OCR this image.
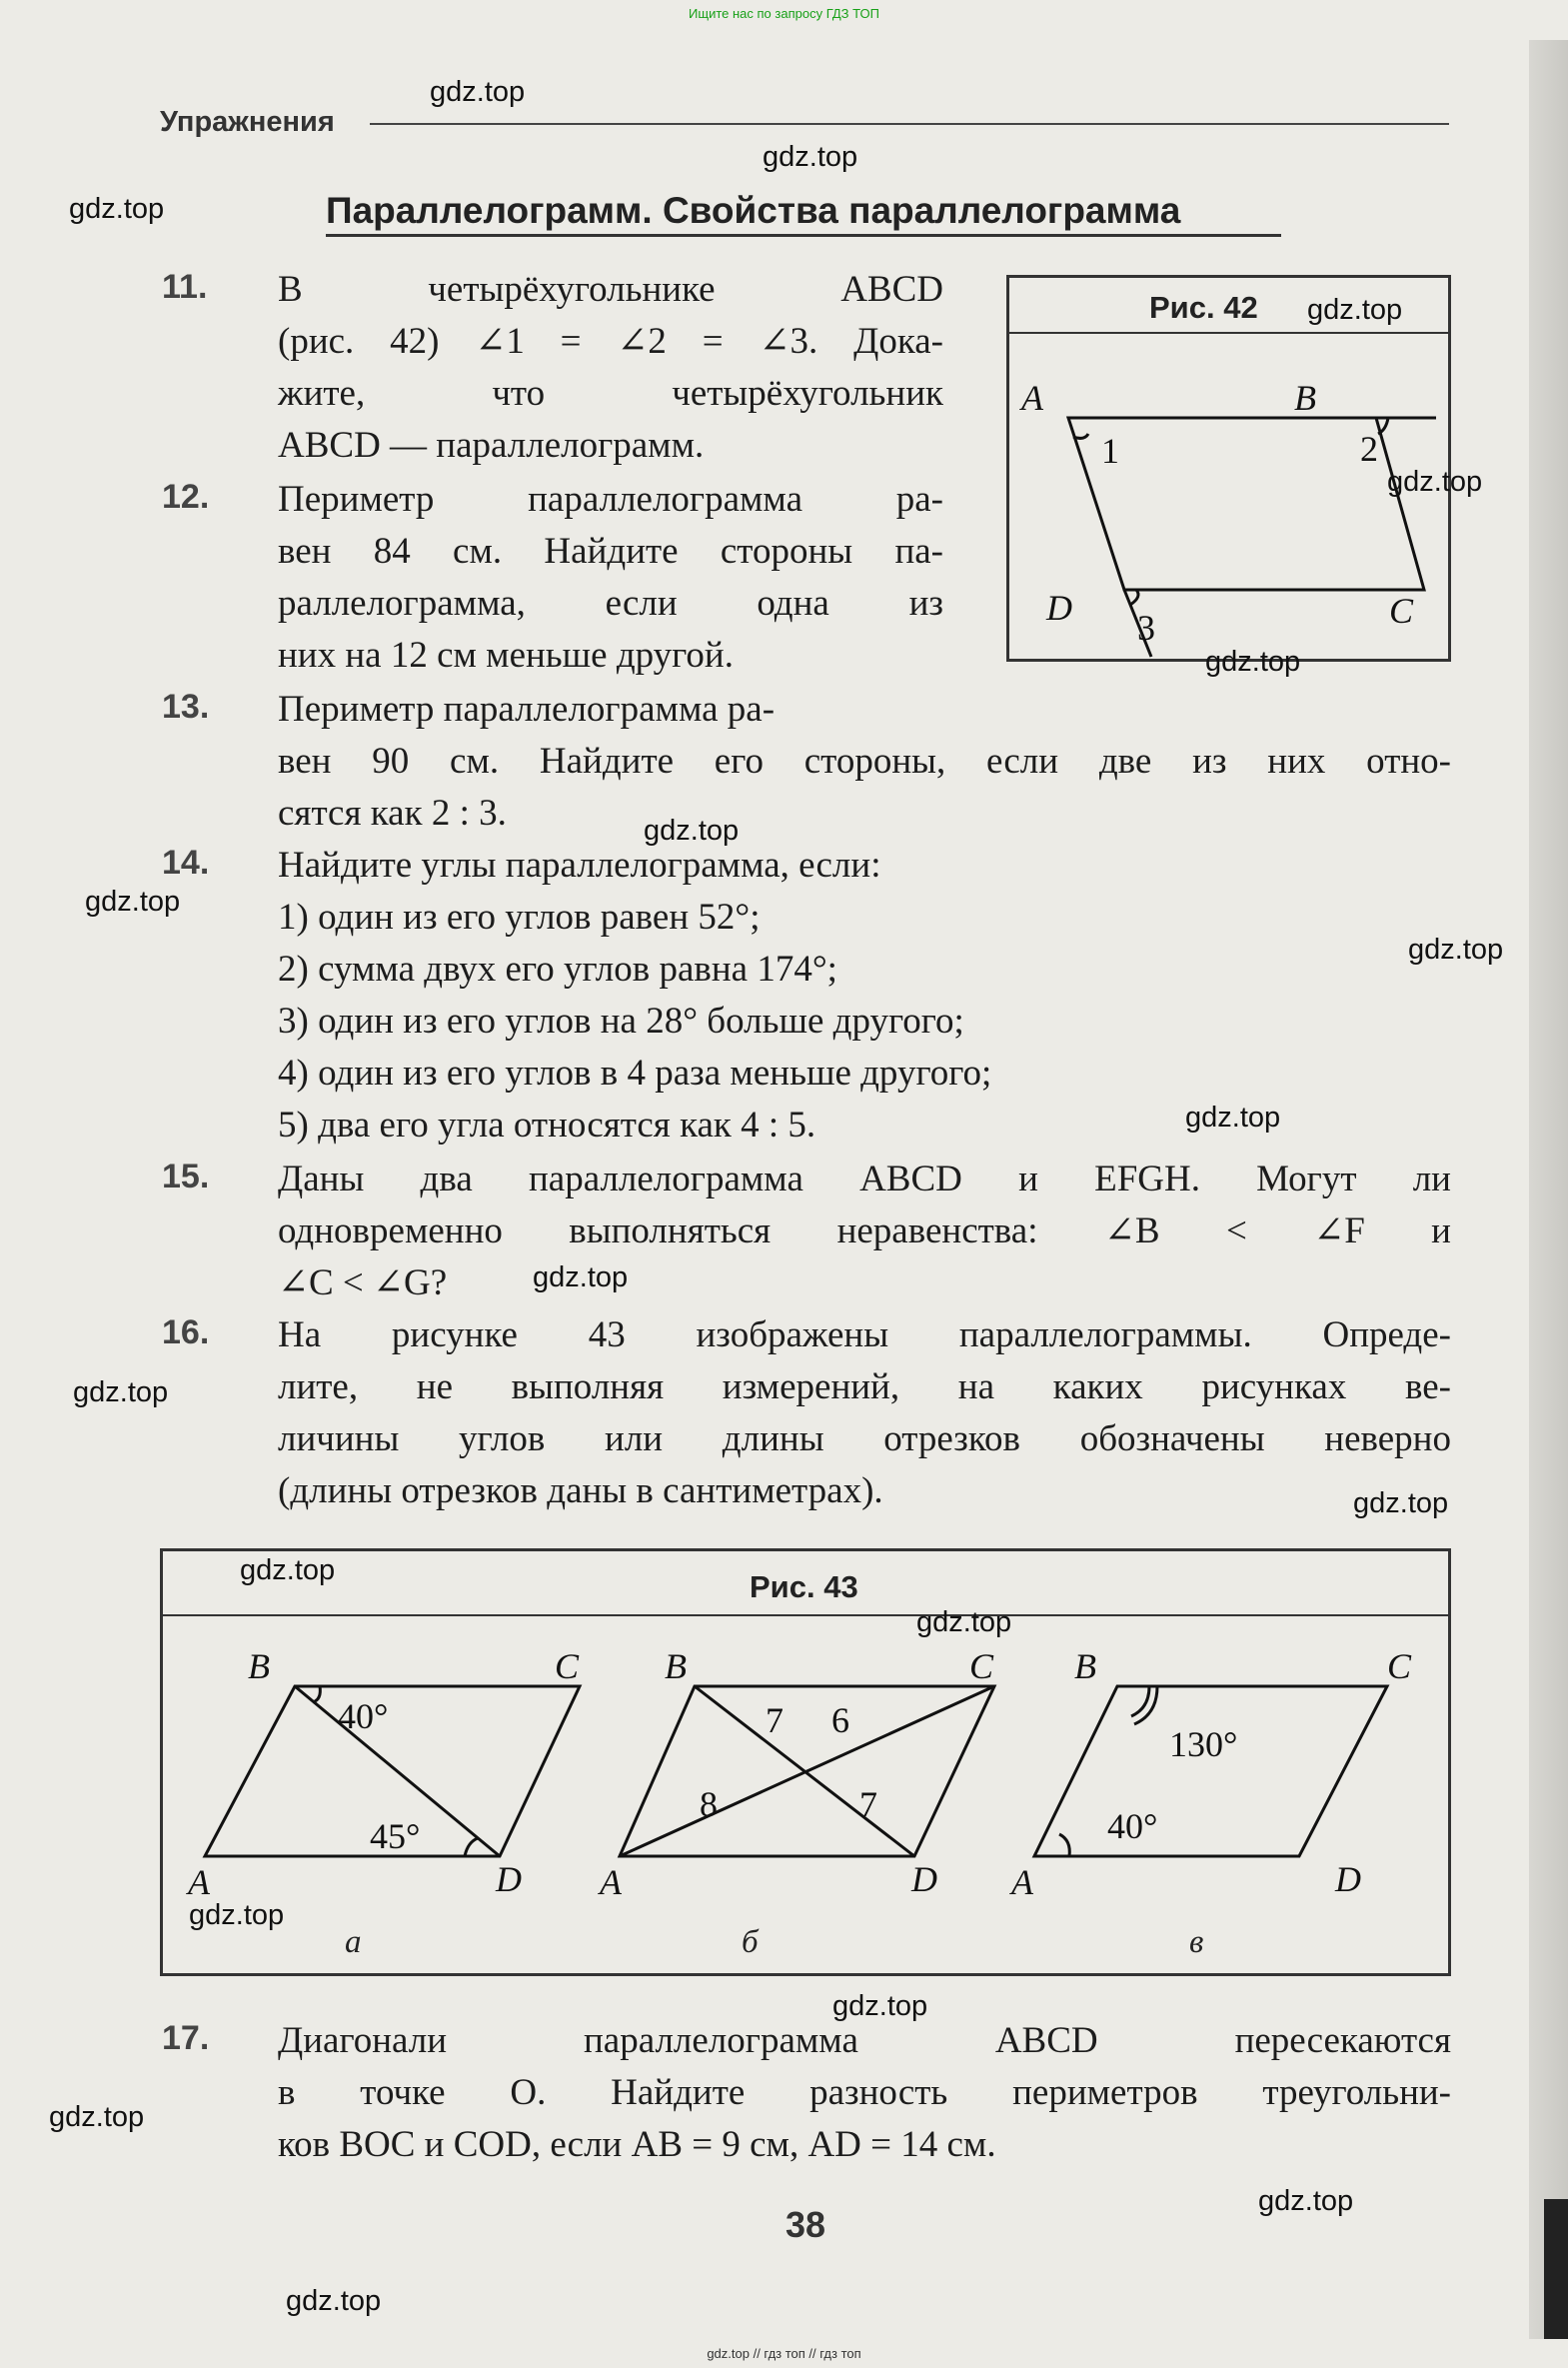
Ищите нас по запросу ГДЗ ТОП
Упражнения
Параллелограмм. Свойства параллелограмма
11. В четырёхугольнике ABCD
(рис. 42) ∠1 = ∠2 = ∠3. Дока-
жите, что четырёхугольник
ABCD — параллелограмм.
12. Периметр параллелограмма ра-
вен 84 см. Найдите стороны па-
раллелограмма, если одна из
них на 12 см меньше другой.
13. Периметр параллелограмма ра-
вен 90 см. Найдите его стороны, если две из них отно-
сятся как 2 : 3.
14. Найдите углы параллелограмма, если:
1) один из его углов равен 52°;
2) сумма двух его углов равна 174°;
3) один из его углов на 28° больше другого;
4) один из его углов в 4 раза меньше другого;
5) два его угла относятся как 4 : 5.
15. Даны два параллелограмма ABCD и EFGH. Могут ли
одновременно выполняться неравенства: ∠B < ∠F и
∠C < ∠G?
16. На рисунке 43 изображены параллелограммы. Опреде-
лите, не выполняя измерений, на каких рисунках ве-
личины углов или длины отрезков обозначены неверно
(длины отрезков даны в сантиметрах).
Рис. 42
A	B
C
D
1	2
3
Рис. 43
B	C
A	D
40°
45°
B	C
A	D
7 6
8	7
B	C
A	D
130°
40°
а	б	в
17. Диагонали параллелограмма ABCD пересекаются
в точке O. Найдите разность периметров треугольни-
ков BOC и COD, если AB = 9 см, AD = 14 см.
38
gdz.top
gdz.top
gdz.top
gdz.top
gdz.top
gdz.top
gdz.top
gdz.top
gdz.top
gdz.top
gdz.top
gdz.top
gdz.top
gdz.top
gdz.top
gdz.top
gdz.top
gdz.top
gdz.top
gdz.top
gdz.top // гдз топ // гдз топ
